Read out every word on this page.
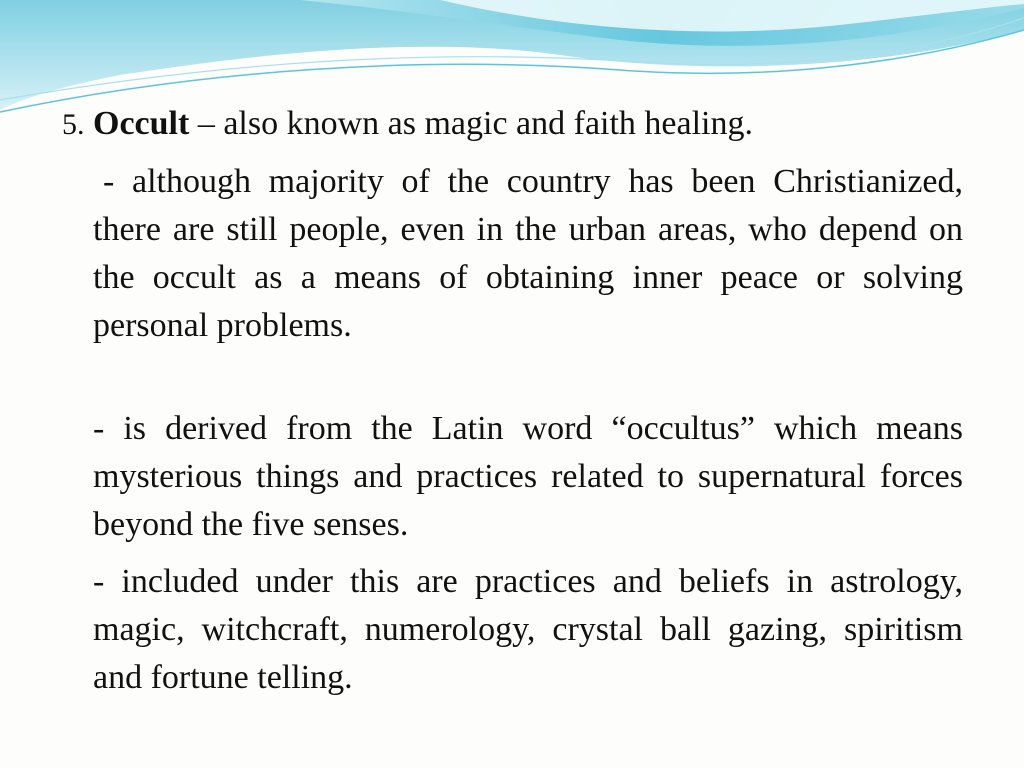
5. Occult – also known as magic and faith healing.
- although majority of the country has been Christianized, there are still people, even in the urban areas, who depend on the occult as a means of obtaining inner peace or solving personal problems.
- is derived from the Latin word “occultus” which means mysterious things and practices related to supernatural forces beyond the five senses.
- included under this are practices and beliefs in astrology, magic, witchcraft, numerology, crystal ball gazing, spiritism and fortune telling.
